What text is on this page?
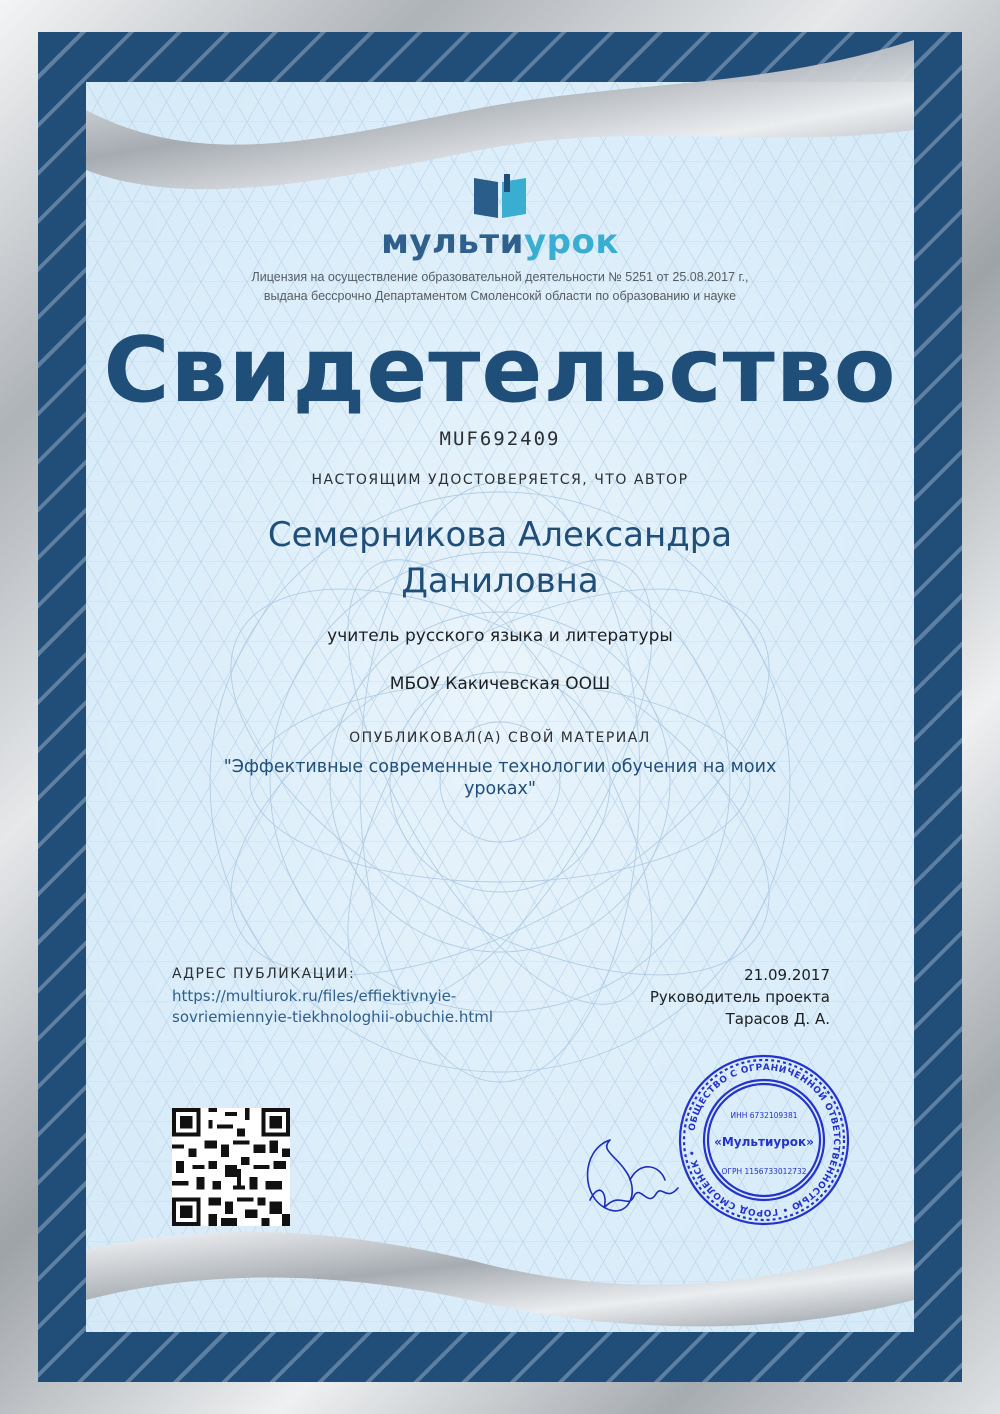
мультиурок
Лицензия на осуществление образовательной деятельности № 5251 от 25.08.2017 г.,
выдана бессрочно Департаментом Смоленсокй области по образованию и науке
Свидетельство
MUF692409
НАСТОЯЩИМ УДОСТОВЕРЯЕТСЯ, ЧТО АВТОР
Семерникова Александра
Даниловна
учитель русского языка и литературы
МБОУ Какичевская ООШ
ОПУБЛИКОВАЛ(А) СВОЙ МАТЕРИАЛ
"Эффективные современные технологии обучения на моих
уроках"
АДРЕС ПУБЛИКАЦИИ:
https://multiurok.ru/files/effiektivnyie-
sovriemiennyie-tiekhnologhii-obuchie.html
21.09.2017
Руководитель проекта
Тарасов Д. А.
ОБЩЕСТВО С ОГРАНИЧЕННОЙ ОТВЕТСТВЕННОСТЬЮ • ГОРОД СМОЛЕНСК •
ИНН 6732109381
«Мультиурок»
ОГРН 1156733012732
